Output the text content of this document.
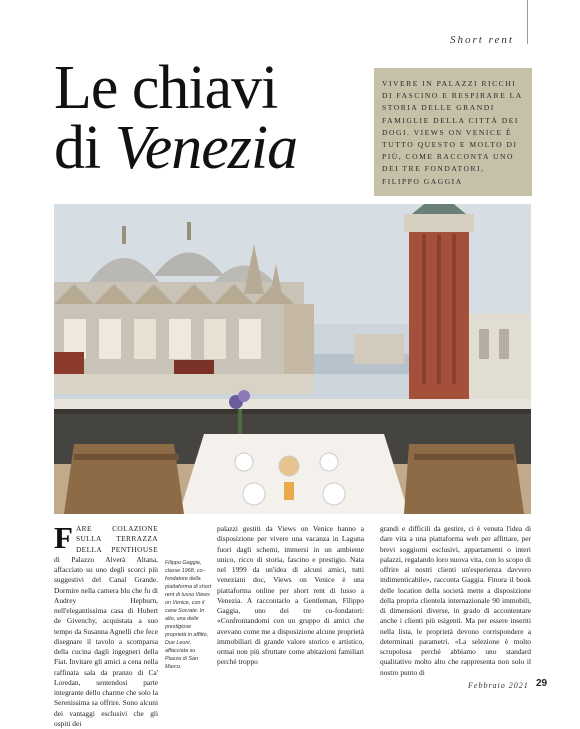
Short rent
Le chiavi
di Venezia

VIVERE IN PALAZZI RICCHI DI FASCINO E RESPIRARE LA STORIA DELLE GRANDI FAMIGLIE DELLA CITTÀ DEI DOGI. VIEWS ON VENICE È TUTTO QUESTO E MOLTO DI PIÙ, COME RACCONTA UNO DEI TRE FONDATORI, FILIPPO GAGGIA

FARE COLAZIONE SULLA TERRAZZA DELLA PENTHOUSE di Palazzo Alverà Altana, affacciato su uno degli scorci più suggestivi del Canal Grande. Dormire nella camera blu che fu di Audrey Hepburn, nell'elegantissima casa di Hubert de Givenchy, acquistata a suo tempo da Susanna Agnelli che fece disegnare il tavolo a scomparsa della cucina dagli ingegneri della Fiat. Invitare gli amici a cena nella raffinata sala da pranzo di Ca' Loredan, sentendosi parte integrante dello charme che solo la Serenissima sa offrire. Sono alcuni dei vantaggi esclusivi che gli ospiti dei

Filippo Gaggia, classe 1968, co-fondatore della piattaforma di short rent di lusso Views on Venice, con il cane Socrate. In alto, una delle prestigiose proprietà in affitto, Due Leoni, affacciata su Piazza di San Marco.

palazzi gestiti da Views on Venice hanno a disposizione per vivere una vacanza in Laguna fuori dagli schemi, immersi in un ambiente unico, ricco di storia, fascino e prestigio. Nata nel 1999 da un'idea di alcuni amici, tutti veneziani doc, Views on Venice è una piattaforma online per short rent di lusso a Venezia. A raccontarlo a Gentleman, Filippo Gaggia, uno dei tre co-fondatori: «Confrontandomi con un gruppo di amici che avevano come me a disposizione alcune proprietà immobiliari di grande valore storico e artistico, ormai non più sfruttate come abitazioni familiari perché troppo

grandi e difficili da gestire, ci è venuta l'idea di dare vita a una piattaforma web per affittare, per brevi soggiorni esclusivi, appartamenti o interi palazzi, regalando loro nuova vita, con lo scopo di offrire ai nostri clienti un'esperienza davvero indimenticabile», racconta Gaggia. Finora il book delle location della società mette a disposizione della propria clientela internazionale 90 immobili, di dimensioni diverse, in grado di accontentare anche i clienti più esigenti. Ma per essere inseriti nella lista, le proprietà devono corrispondere a determinati parametri. «La selezione è molto scrupolosa perché abbiamo uno standard qualitativo molto alto che rappresenta non solo il nostro punto di

Febbraio 2021 29
